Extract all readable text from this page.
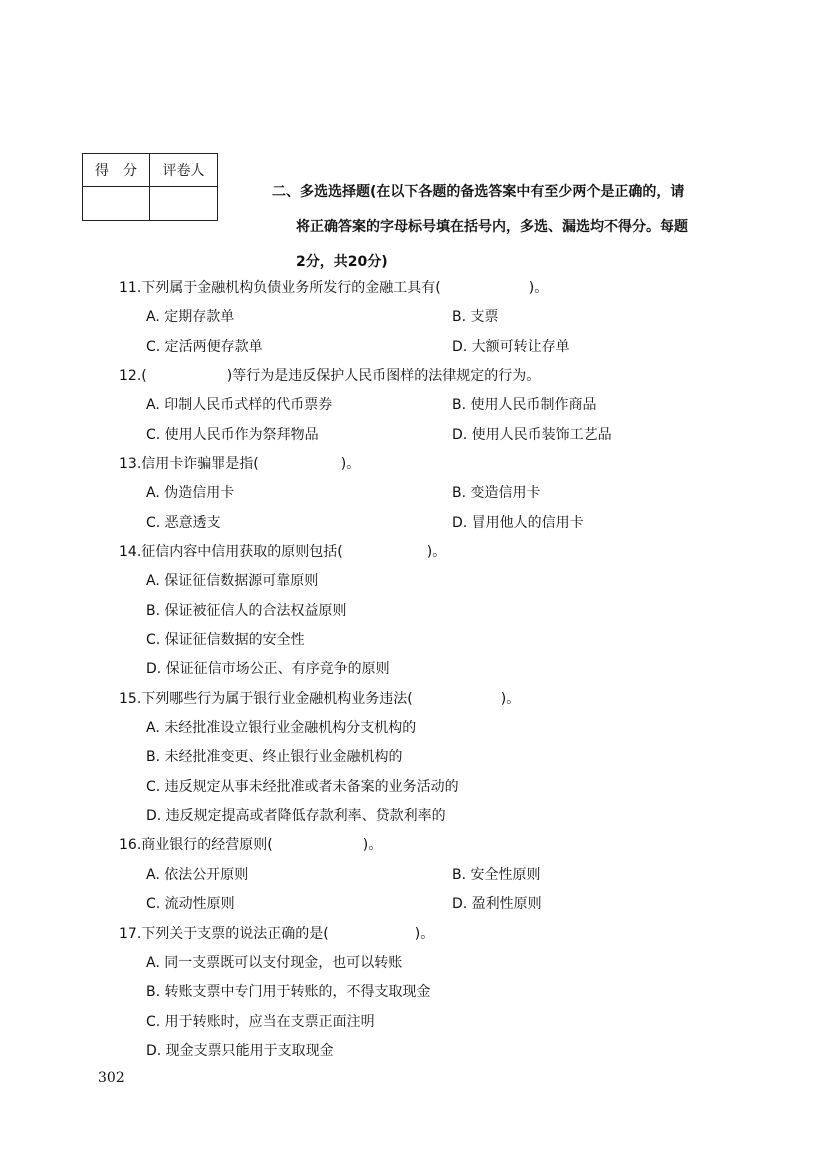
得　分	评卷人

二、多选选择题(在以下各题的备选答案中有至少两个是正确的，请
将正确答案的字母标号填在括号内，多选、漏选均不得分。每题
2分，共20分)
11.下列属于金融机构负债业务所发行的金融工具有(	)。
A. 定期存款单	B. 支票
C. 定活两便存款单	D. 大额可转让存单
12.(	)等行为是违反保护人民币图样的法律规定的行为。
A. 印制人民币式样的代币票券	B. 使用人民币制作商品
C. 使用人民币作为祭拜物品	D. 使用人民币装饰工艺品
13.信用卡诈骗罪是指(	)。
A. 伪造信用卡	B. 变造信用卡
C. 恶意透支	D. 冒用他人的信用卡
14.征信内容中信用获取的原则包括(	)。
A. 保证征信数据源可靠原则
B. 保证被征信人的合法权益原则
C. 保证征信数据的安全性
D. 保证征信市场公正、有序竞争的原则
15.下列哪些行为属于银行业金融机构业务违法(	)。
A. 未经批准设立银行业金融机构分支机构的
B. 未经批准变更、终止银行业金融机构的
C. 违反规定从事未经批准或者未备案的业务活动的
D. 违反规定提高或者降低存款利率、贷款利率的
16.商业银行的经营原则(	)。
A. 依法公开原则	B. 安全性原则
C. 流动性原则	D. 盈利性原则
17.下列关于支票的说法正确的是(	)。
A. 同一支票既可以支付现金，也可以转账
B. 转账支票中专门用于转账的，不得支取现金
C. 用于转账时，应当在支票正面注明
D. 现金支票只能用于支取现金
302
